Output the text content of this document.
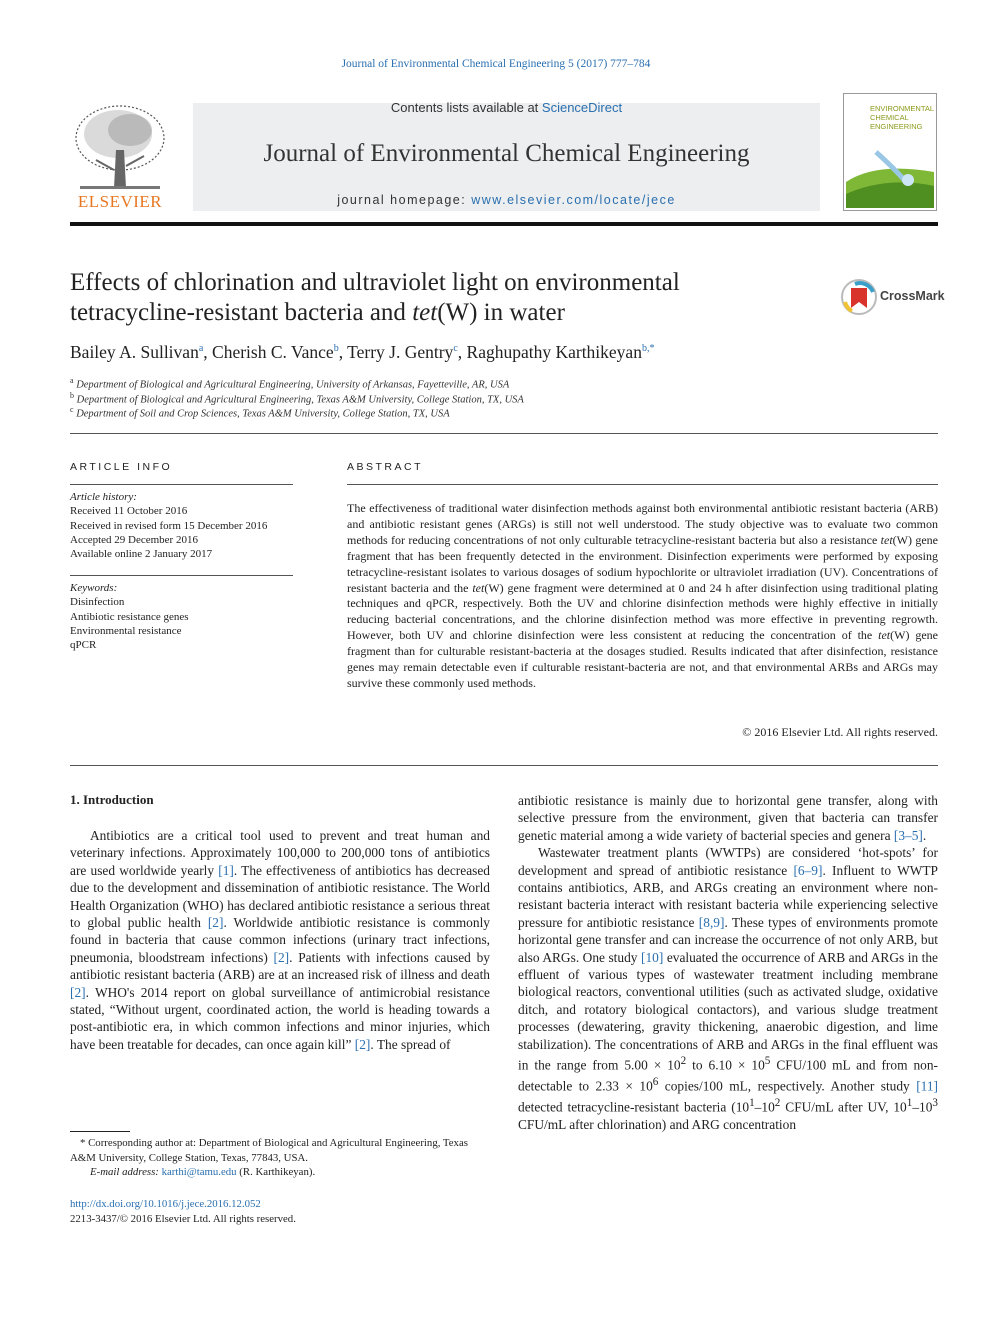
Journal of Environmental Chemical Engineering 5 (2017) 777–784
ELSEVIER
Contents lists available at ScienceDirect
Journal of Environmental Chemical Engineering
journal homepage: www.elsevier.com/locate/jece
ENVIRONMENTAL
CHEMICAL
ENGINEERING
Effects of chlorination and ultraviolet light on environmental
tetracycline-resistant bacteria and tet(W) in water
CrossMark
Bailey A. Sullivan$^a$, Cherish C. Vance$^b$, Terry J. Gentry$^c$, Raghupathy Karthikeyan$^{b,*}$
$^a$ Department of Biological and Agricultural Engineering, University of Arkansas, Fayetteville, AR, USA
$^b$ Department of Biological and Agricultural Engineering, Texas A&M University, College Station, TX, USA
$^c$ Department of Soil and Crop Sciences, Texas A&M University, College Station, TX, USA
ARTICLE INFO
Article history:
Received 11 October 2016
Received in revised form 15 December 2016
Accepted 29 December 2016
Available online 2 January 2017
Keywords:
Disinfection
Antibiotic resistance genes
Environmental resistance
qPCR
ABSTRACT
The effectiveness of traditional water disinfection methods against both environmental antibiotic resistant bacteria (ARB) and antibiotic resistant genes (ARGs) is still not well understood. The study objective was to evaluate two common methods for reducing concentrations of not only culturable tetracycline-resistant bacteria but also a resistance tet(W) gene fragment that has been frequently detected in the environment. Disinfection experiments were performed by exposing tetracycline-resistant isolates to various dosages of sodium hypochlorite or ultraviolet irradiation (UV). Concentrations of resistant bacteria and the tet(W) gene fragment were determined at 0 and 24 h after disinfection using traditional plating techniques and qPCR, respectively. Both the UV and chlorine disinfection methods were highly effective in initially reducing bacterial concentrations, and the chlorine disinfection method was more effective in preventing regrowth. However, both UV and chlorine disinfection were less consistent at reducing the concentration of the tet(W) gene fragment than for culturable resistant-bacteria at the dosages studied. Results indicated that after disinfection, resistance genes may remain detectable even if culturable resistant-bacteria are not, and that environmental ARBs and ARGs may survive these commonly used methods.
© 2016 Elsevier Ltd. All rights reserved.
1. Introduction

Antibiotics are a critical tool used to prevent and treat human and veterinary infections. Approximately 100,000 to 200,000 tons of antibiotics are used worldwide yearly [1]. The effectiveness of antibiotics has decreased due to the development and dissemination of antibiotic resistance. The World Health Organization (WHO) has declared antibiotic resistance a serious threat to global public health [2]. Worldwide antibiotic resistance is commonly found in bacteria that cause common infections (urinary tract infections, pneumonia, bloodstream infections) [2]. Patients with infections caused by antibiotic resistant bacteria (ARB) are at an increased risk of illness and death [2]. WHO's 2014 report on global surveillance of antimicrobial resistance stated, “Without urgent, coordinated action, the world is heading towards a post-antibiotic era, in which common infections and minor injuries, which have been treatable for decades, can once again kill” [2]. The spread of

antibiotic resistance is mainly due to horizontal gene transfer, along with selective pressure from the environment, given that bacteria can transfer genetic material among a wide variety of bacterial species and genera [3–5].

Wastewater treatment plants (WWTPs) are considered ‘hot-spots’ for development and spread of antibiotic resistance [6–9]. Influent to WWTP contains antibiotics, ARB, and ARGs creating an environment where non-resistant bacteria interact with resistant bacteria while experiencing selective pressure for antibiotic resistance [8,9]. These types of environments promote horizontal gene transfer and can increase the occurrence of not only ARB, but also ARGs. One study [10] evaluated the occurrence of ARB and ARGs in the effluent of various types of wastewater treatment including membrane biological reactors, conventional utilities (such as activated sludge, oxidative ditch, and rotatory biological contactors), and various sludge treatment processes (dewatering, gravity thickening, anaerobic digestion, and lime stabilization). The concentrations of ARB and ARGs in the final effluent was in the range from $5.00 \times 10^2$ to $6.10 \times 10^5$ CFU/100 mL and from non-detectable to $2.33 \times 10^6$ copies/100 mL, respectively. Another study [11] detected tetracycline-resistant bacteria ($10^1-10^2$ CFU/mL after UV, $10^1-10^3$ CFU/mL after chlorination) and ARG concentration

* Corresponding author at: Department of Biological and Agricultural Engineering, Texas A&M University, College Station, Texas, 77843, USA.
E-mail address: karthi@tamu.edu (R. Karthikeyan).
http://dx.doi.org/10.1016/j.jece.2016.12.052
2213-3437/© 2016 Elsevier Ltd. All rights reserved.
